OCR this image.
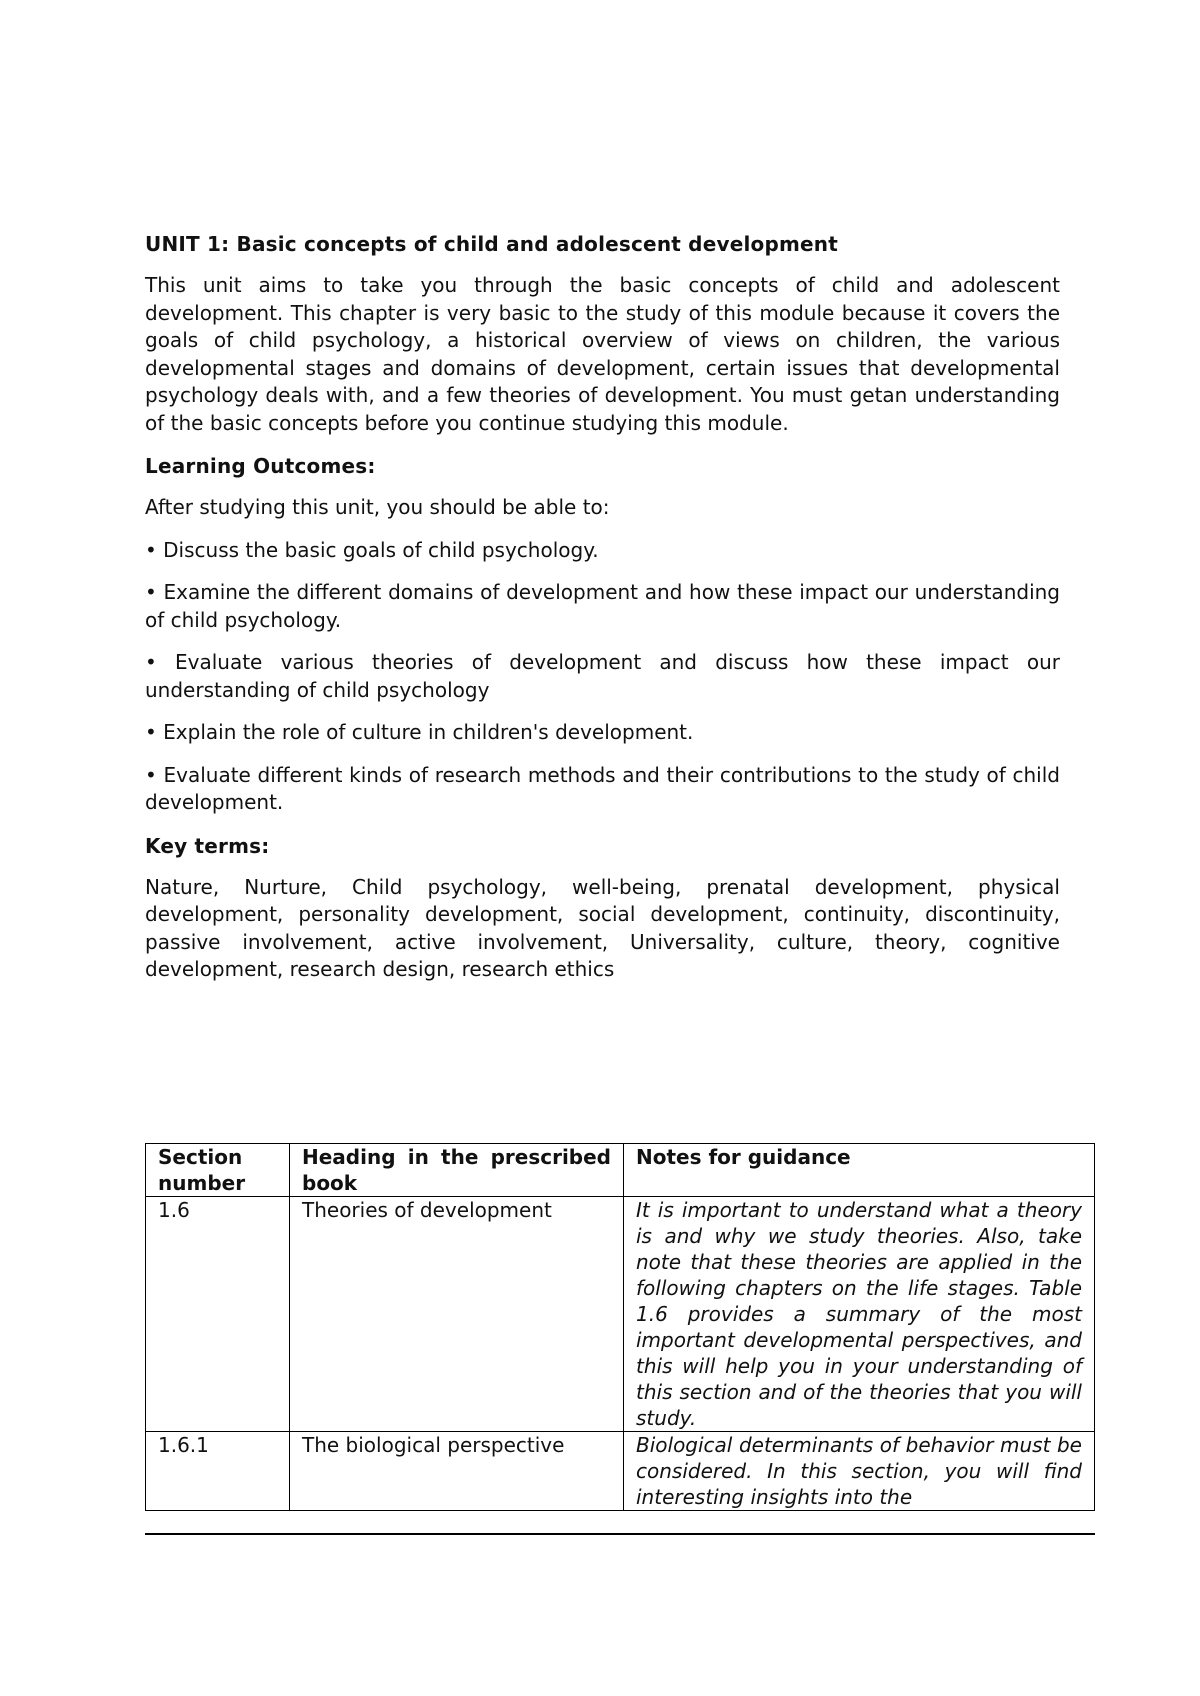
UNIT 1: Basic concepts of child and adolescent development

This unit aims to take you through the basic concepts of child and adolescent development. This chapter is very basic to the study of this module because it covers the goals of child psychology, a historical overview of views on children, the various developmental stages and domains of development, certain issues that developmental psychology deals with, and a few theories of development. You must getan understanding of the basic concepts before you continue studying this module.

Learning Outcomes:

After studying this unit, you should be able to:

• Discuss the basic goals of child psychology.

• Examine the different domains of development and how these impact our understanding of child psychology.

• Evaluate various theories of development and discuss how these impact our understanding of child psychology

• Explain the role of culture in children's development.

• Evaluate different kinds of research methods and their contributions to the study of child development.

Key terms:

Nature, Nurture, Child psychology, well-being, prenatal development, physical development, personality development, social development, continuity, discontinuity, passive involvement, active involvement, Universality, culture, theory, cognitive development, research design, research ethics

Section number	Heading in the prescribed book	Notes for guidance
1.6	Theories of development	It is important to understand what a theory is and why we study theories. Also, take note that these theories are applied in the following chapters on the life stages. Table 1.6 provides a summary of the most important developmental perspectives, and this will help you in your understanding of this section and of the theories that you will study.
1.6.1	The biological perspective	Biological determinants of behavior must be considered. In this section, you will find interesting insights into the
